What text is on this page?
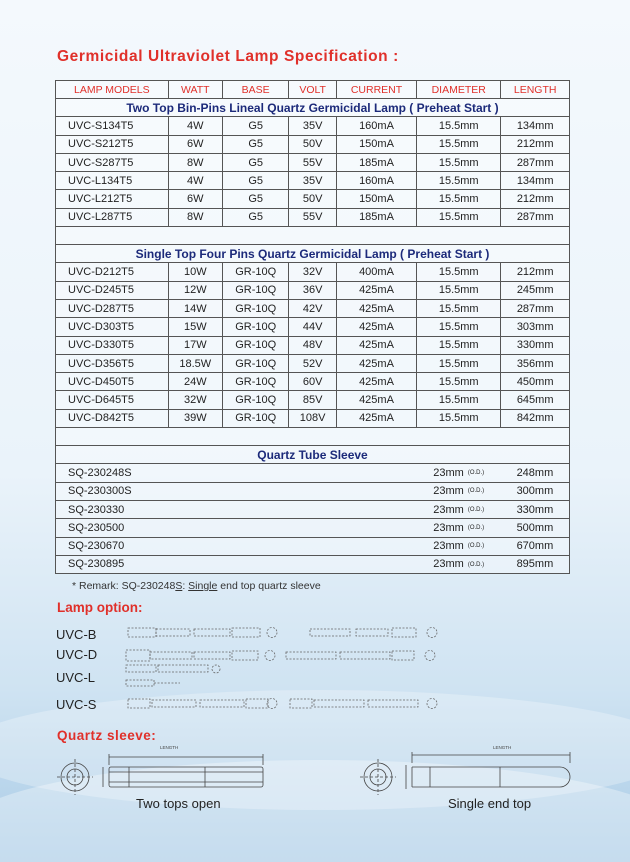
Germicidal Ultraviolet Lamp Specification :
LAMP MODELS	WATT	BASE	VOLT	CURRENT	DIAMETER	LENGTH
Two Top Bin-Pins Lineal Quartz Germicidal Lamp ( Preheat Start )						
UVC-S134T5	4W	G5	35V	160mA	15.5mm	134mm
UVC-S212T5	6W	G5	50V	150mA	15.5mm	212mm
UVC-S287T5	8W	G5	55V	185mA	15.5mm	287mm
UVC-L134T5	4W	G5	35V	160mA	15.5mm	134mm
UVC-L212T5	6W	G5	50V	150mA	15.5mm	212mm
UVC-L287T5	8W	G5	55V	185mA	15.5mm	287mm

Single Top Four Pins Quartz Germicidal Lamp ( Preheat Start )						
UVC-D212T5	10W	GR-10Q	32V	400mA	15.5mm	212mm
UVC-D245T5	12W	GR-10Q	36V	425mA	15.5mm	245mm
UVC-D287T5	14W	GR-10Q	42V	425mA	15.5mm	287mm
UVC-D303T5	15W	GR-10Q	44V	425mA	15.5mm	303mm
UVC-D330T5	17W	GR-10Q	48V	425mA	15.5mm	330mm
UVC-D356T5	18.5W	GR-10Q	52V	425mA	15.5mm	356mm
UVC-D450T5	24W	GR-10Q	60V	425mA	15.5mm	450mm
UVC-D645T5	32W	GR-10Q	85V	425mA	15.5mm	645mm
UVC-D842T5	39W	GR-10Q	108V	425mA	15.5mm	842mm

Quartz Tube Sleeve						
SQ-230248S					23mm (O.D.)	248mm
SQ-230300S					23mm (O.D.)	300mm
SQ-230330					23mm (O.D.)	330mm
SQ-230500					23mm (O.D.)	500mm
SQ-230670					23mm (O.D.)	670mm
SQ-230895					23mm (O.D.)	895mm
* Remark: SQ-230248S: Single end top quartz sleeve
Lamp option:
UVC-B
UVC-D
UVC-L
UVC-S
Quartz sleeve:
LENGTH
Two tops open
LENGTH
Single end top
